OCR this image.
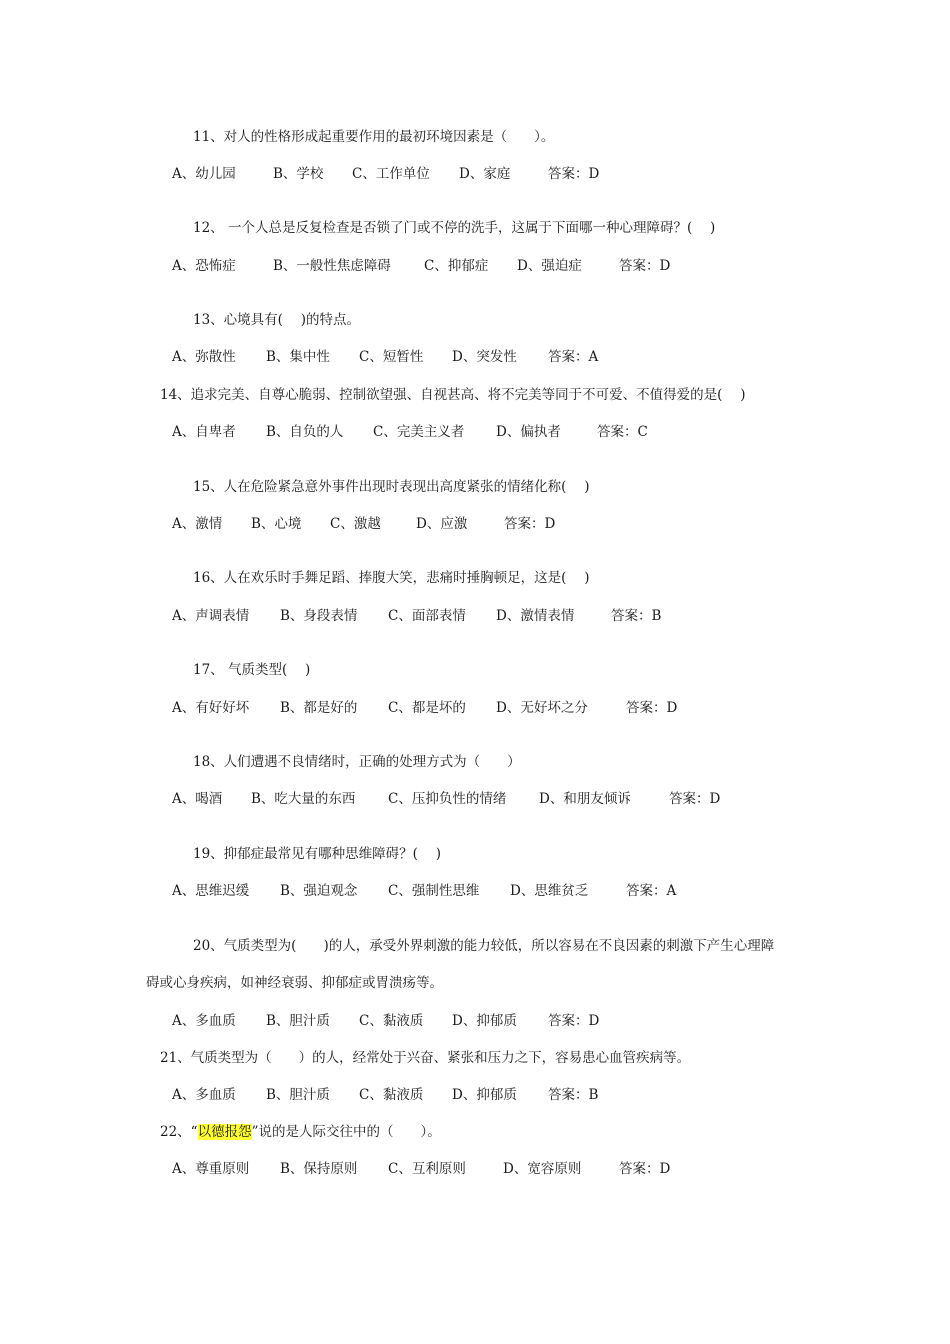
11、对人的性格形成起重要作用的最初环境因素是（　　）。
A、幼儿园	B、学校 C、工作单位 D、家庭	答案：D
12、 一个人总是反复检查是否锁了门或不停的洗手，这属于下面哪一种心理障碍？(　 )
A、恐怖症	B、一般性焦虑障碍 C、抑郁症 D、强迫症	答案：D
13、心境具有(　 )的特点。
A、弥散性 B、集中性 C、短暂性 D、突发性 答案：A
14、追求完美、自尊心脆弱、控制欲望强、自视甚高、将不完美等同于不可爱、不值得爱的是(　 )
A、自卑者 B、自负的人 C、完美主义者 D、偏执者	答案：C
15、人在危险紧急意外事件出现时表现出高度紧张的情绪化称(　 )
A、激情 B、心境 C、激越	D、应激	答案：D
16、人在欢乐时手舞足蹈、捧腹大笑，悲痛时捶胸顿足，这是(　 )
A、声调表情 B、身段表情 C、面部表情 D、激情表情	答案：B
17、 气质类型(　 )
A、有好好坏 B、都是好的 C、都是坏的 D、无好坏之分	答案：D
18、人们遭遇不良情绪时，正确的处理方式为（　　）
A、喝酒 B、吃大量的东西 C、压抑负性的情绪 D、和朋友倾诉	答案：D
19、抑郁症最常见有哪种思维障碍？(　 )
A、思维迟缓 B、强迫观念 C、强制性思维 D、思维贫乏	答案：A
20、气质类型为(　　)的人，承受外界刺激的能力较低，所以容易在不良因素的刺激下产生心理障
碍或心身疾病，如神经衰弱、抑郁症或胃溃疡等。
A、多血质 B、胆汁质 C、黏液质 D、抑郁质 答案：D
21、气质类型为（　　）的人，经常处于兴奋、紧张和压力之下，容易患心血管疾病等。
A、多血质 B、胆汁质 C、黏液质 D、抑郁质 答案：B
22、“以德报怨”说的是人际交往中的（　　）。
A、尊重原则 B、保持原则 C、互利原则	D、宽容原则	答案：D
